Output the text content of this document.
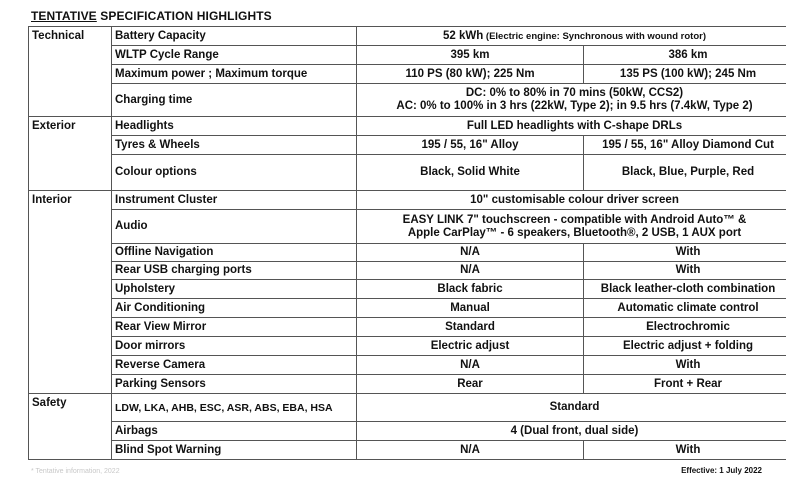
TENTATIVE SPECIFICATION HIGHLIGHTS
Technical	Battery Capacity	52 kWh (Electric engine: Synchronous with wound rotor)	
	WLTP Cycle Range	395 km	386 km
	Maximum power ; Maximum torque	110 PS (80 kW); 225 Nm	135 PS (100 kW); 245 Nm
	Charging time	DC: 0% to 80% in 70 mins (50kW, CCS2)
AC: 0% to 100% in 3 hrs (22kW, Type 2); in 9.5 hrs (7.4kW, Type 2)	

Exterior	Headlights	Full LED headlights with C-shape DRLs	
	Tyres & Wheels	195 / 55, 16" Alloy	195 / 55, 16" Alloy Diamond Cut
	Colour options	Black, Solid White	Black, Blue, Purple, Red
Interior	Instrument Cluster	10" customisable colour driver screen	
	Audio	EASY LINK 7" touchscreen - compatible with Android Auto™ &
Apple CarPlay™ - 6 speakers, Bluetooth®, 2 USB, 1 AUX port	

	Offline Navigation	N/A	With
	Rear USB charging ports	N/A	With
	Upholstery	Black fabric	Black leather-cloth combination
	Air Conditioning	Manual	Automatic climate control
	Rear View Mirror	Standard	Electrochromic
	Door mirrors	Electric adjust	Electric adjust + folding
	Reverse Camera	N/A	With
	Parking Sensors	Rear	Front + Rear
Safety	LDW, LKA, AHB, ESC, ASR, ABS, EBA, HSA	Standard	
	Airbags	4 (Dual front, dual side)	
	Blind Spot Warning	N/A	With
* Tentative information, 2022	Effective: 1 July 2022
